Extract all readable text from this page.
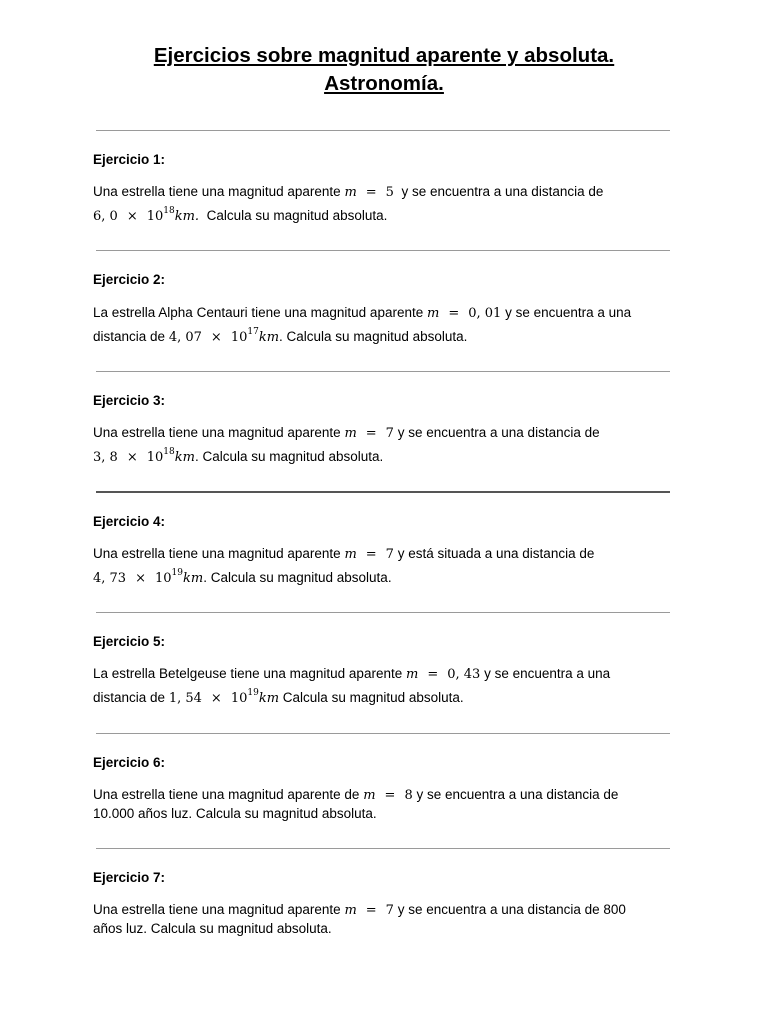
Ejercicios sobre magnitud aparente y absoluta.
Astronomía.
Ejercicio 1:
Una estrella tiene una magnitud aparente m = 5 y se encuentra a una distancia de
6, $0 \times 10^{18}km$. Calcula su magnitud absoluta.
Ejercicio 2:
La estrella Alpha Centauri tiene una magnitud aparente m = 0, 01 y se encuentra a una
distancia de 4, $07 \times 10^{17}km$. Calcula su magnitud absoluta.
Ejercicio 3:
Una estrella tiene una magnitud aparente m = 7 y se encuentra a una distancia de
3, $8 \times 10^{18}km$. Calcula su magnitud absoluta.
Ejercicio 4:
Una estrella tiene una magnitud aparente m = 7 y está situada a una distancia de
4, $73 \times 10^{19}km$. Calcula su magnitud absoluta.
Ejercicio 5:
La estrella Betelgeuse tiene una magnitud aparente m = 0, 43 y se encuentra a una
distancia de 1, $54 \times 10^{19}km$ Calcula su magnitud absoluta.
Ejercicio 6:
Una estrella tiene una magnitud aparente de m = 8 y se encuentra a una distancia de
10.000 años luz. Calcula su magnitud absoluta.
Ejercicio 7:
Una estrella tiene una magnitud aparente m = 7 y se encuentra a una distancia de 800
años luz. Calcula su magnitud absoluta.
